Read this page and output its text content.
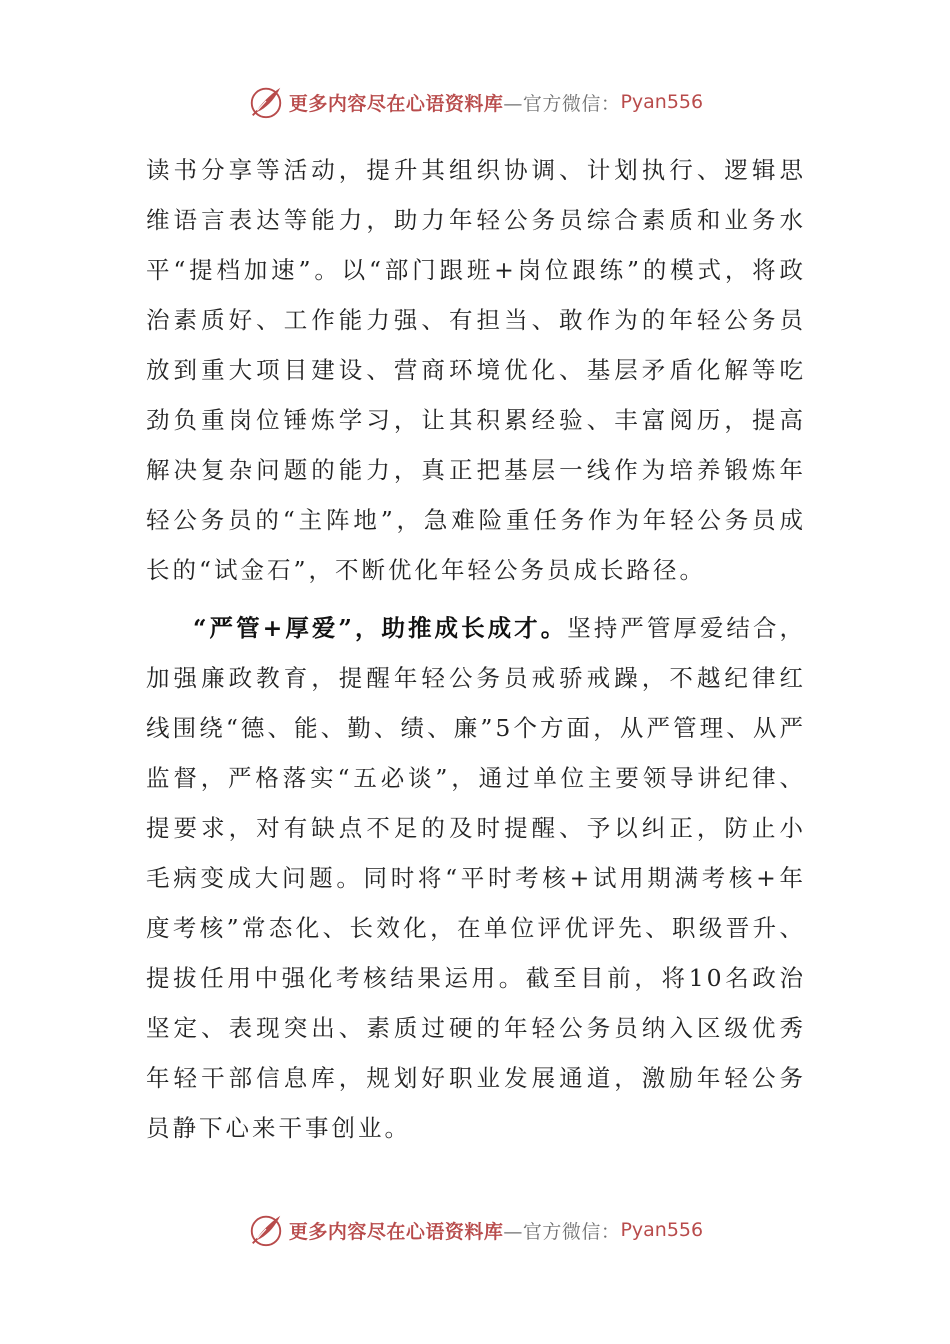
更多内容尽在心语资料库 —官方微信： Pyan556

读书分享等活动，提升其组织协调、计划执行、逻辑思维语言表达等能力，助力年轻公务员综合素质和业务水平“提档加速”。以“部门跟班+岗位跟练”的模式，将政治素质好、工作能力强、有担当、敢作为的年轻公务员放到重大项目建设、营商环境优化、基层矛盾化解等吃劲负重岗位锤炼学习，让其积累经验、丰富阅历，提高解决复杂问题的能力，真正把基层一线作为培养锻炼年轻公务员的“主阵地”，急难险重任务作为年轻公务员成长的“试金石”，不断优化年轻公务员成长路径。

“严管+厚爱”，助推成长成才。坚持严管厚爱结合，加强廉政教育，提醒年轻公务员戒骄戒躁，不越纪律红线围绕“德、能、勤、绩、廉”5个方面，从严管理、从严监督，严格落实“五必谈”，通过单位主要领导讲纪律、提要求，对有缺点不足的及时提醒、予以纠正，防止小毛病变成大问题。同时将“平时考核+试用期满考核+年度考核”常态化、长效化，在单位评优评先、职级晋升、提拔任用中强化考核结果运用。截至目前，将10名政治坚定、表现突出、素质过硬的年轻公务员纳入区级优秀年轻干部信息库，规划好职业发展通道，激励年轻公务员静下心来干事创业。

更多内容尽在心语资料库 —官方微信： Pyan556
